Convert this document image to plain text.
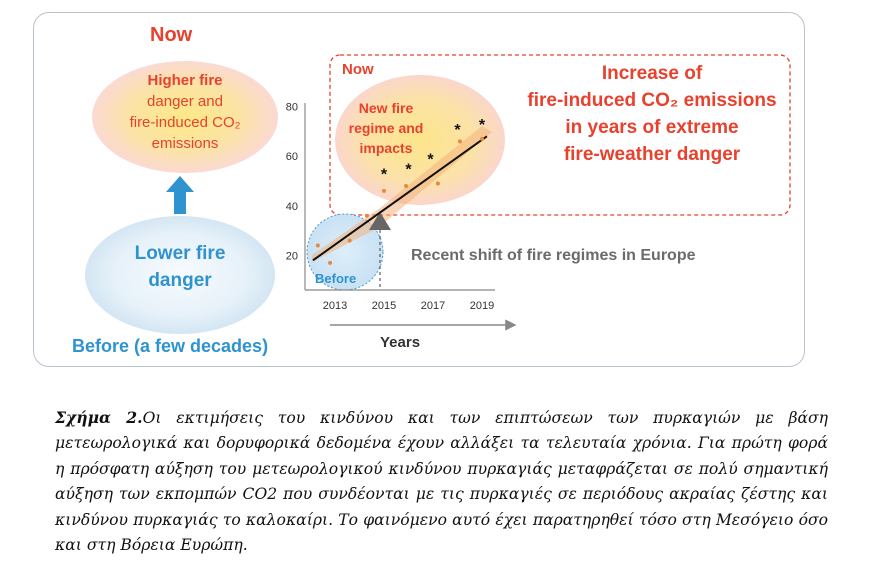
Now
Higher fire
danger and
fire-induced CO₂
emissions
Lower fire
danger
Before (a few decades)
20
40
60
80
2013 2015 2017 2019
* *
*
* *
Now
New fire
regime and
impacts
Before
Increase of
fire-induced CO₂ emissions
in years of extreme
fire-weather danger
Recent shift of fire regimes in Europe
Years
Σχήμα 2.Οι εκτιμήσεις του κινδύνου και των επιπτώσεων των πυρκαγιών με βάση μετεωρολογικά και δορυφορικά δεδομένα έχουν αλλάξει τα τελευταία χρόνια. Για πρώτη φορά η πρόσφατη αύξηση του μετεωρολογικού κινδύνου πυρκαγιάς μεταφράζεται σε πολύ σημαντική αύξηση των εκπομπών CO2 που συνδέονται με τις πυρκαγιές σε περιόδους ακραίας ζέστης και κινδύνου πυρκαγιάς το καλοκαίρι. Το φαινόμενο αυτό έχει παρατηρηθεί τόσο στη Μεσόγειο όσο και στη Βόρεια Ευρώπη.
